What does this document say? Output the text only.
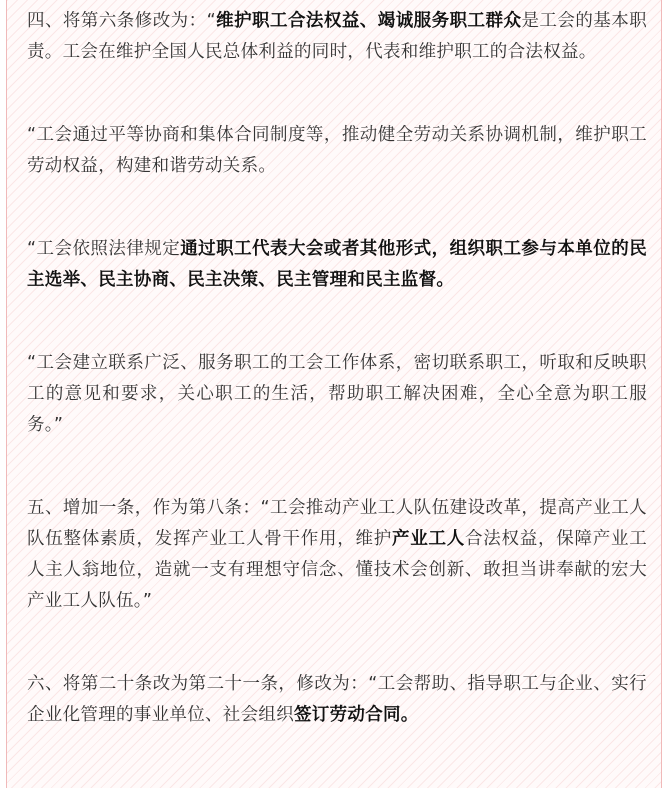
四、将第六条修改为：“维护职工合法权益、竭诚服务职工群众是工会的基本职责。工会在维护全国人民总体利益的同时，代表和维护职工的合法权益。

“工会通过平等协商和集体合同制度等，推动健全劳动关系协调机制，维护职工劳动权益，构建和谐劳动关系。

“工会依照法律规定通过职工代表大会或者其他形式，组织职工参与本单位的民主选举、民主协商、民主决策、民主管理和民主监督。

“工会建立联系广泛、服务职工的工会工作体系，密切联系职工，听取和反映职工的意见和要求，关心职工的生活，帮助职工解决困难，全心全意为职工服务。”

五、增加一条，作为第八条：“工会推动产业工人队伍建设改革，提高产业工人队伍整体素质，发挥产业工人骨干作用，维护产业工人合法权益，保障产业工人主人翁地位，造就一支有理想守信念、懂技术会创新、敢担当讲奉献的宏大产业工人队伍。”

六、将第二十条改为第二十一条，修改为：“工会帮助、指导职工与企业、实行企业化管理的事业单位、社会组织签订劳动合同。
